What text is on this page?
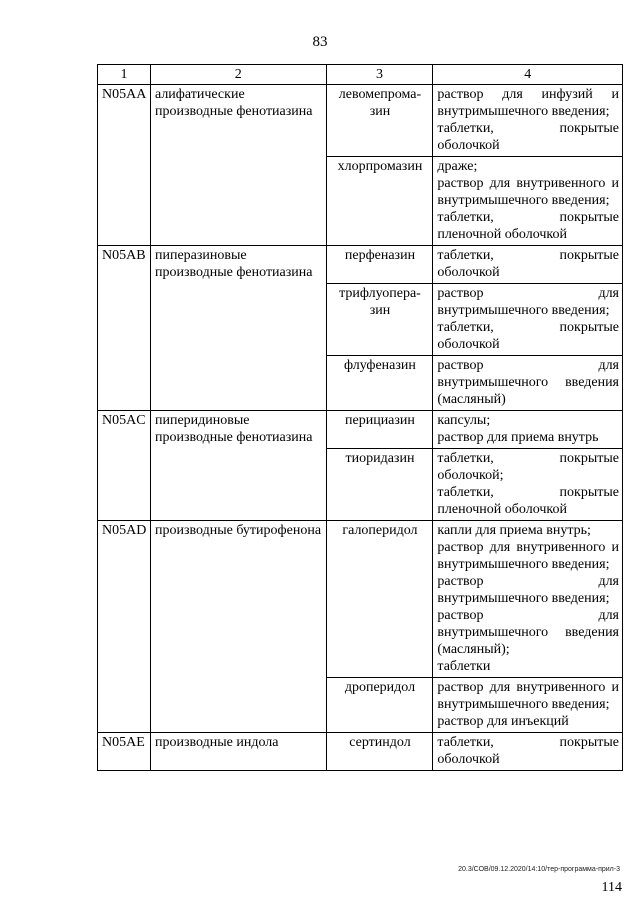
83
1	2	3	4
N05AA	алифатические производные фенотиазина	левомепрома-зин	раствор для инфузий и внутримышечного введения;
таблетки, покрытые оболочкой

		хлорпромазин	драже;
раствор для внутривенного и внутримышечного введения;
таблетки, покрытые пленочной оболочкой

N05AB	пиперазиновые производные фенотиазина	перфеназин	таблетки, покрытые оболочкой

		трифлуопера-зин	раствор для внутримышечного введения;
таблетки, покрытые оболочкой

		флуфеназин	раствор для внутримышечного введения (масляный)

N05AC	пиперидиновые производные фенотиазина	перициазин	капсулы;
раствор для приема внутрь

		тиоридазин	таблетки, покрытые оболочкой;
таблетки, покрытые пленочной оболочкой

N05AD	производные бутирофенона	галоперидол	капли для приема внутрь;
раствор для внутривенного и внутримышечного введения;
раствор для внутримышечного введения;
раствор для внутримышечного введения (масляный);
таблетки

		дроперидол	раствор для внутривенного и внутримышечного введения;
раствор для инъекций

N05AE	производные индола	сертиндол	таблетки, покрытые оболочкой
20.3/СОВ/09.12.2020/14:10/тер-программа-прил-3
114
